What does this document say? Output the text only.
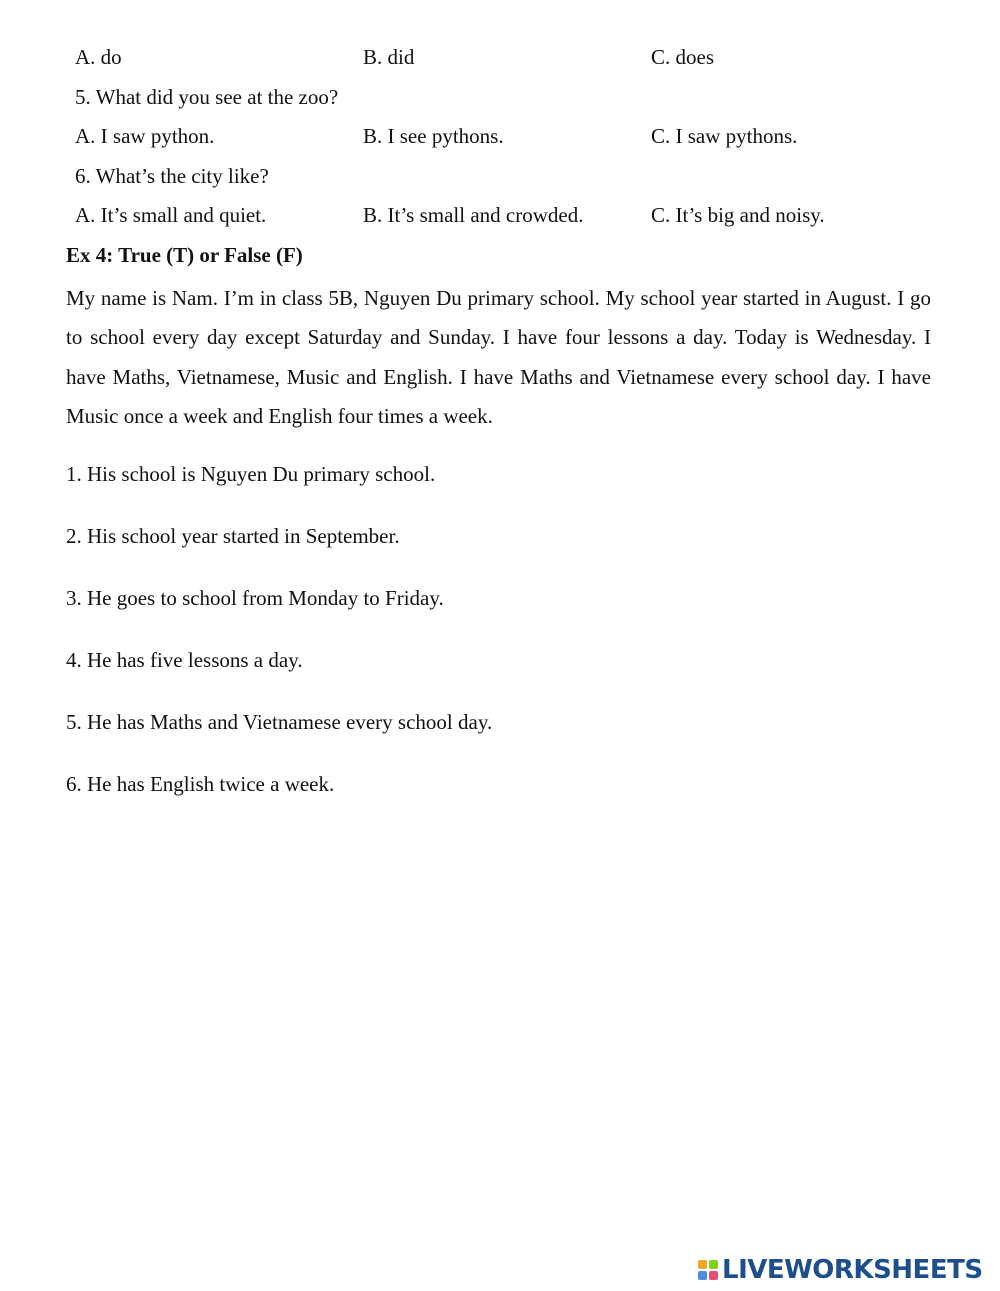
A. do	B. did	C. does
5. What did you see at the zoo?
A. I saw python.	B. I see pythons.	C. I saw pythons.
6. What’s the city like?
A. It’s small and quiet.	B. It’s small and crowded.	C. It’s big and noisy.
Ex 4: True (T) or False (F)
My name is Nam. I’m in class 5B, Nguyen Du primary school. My school year started in August. I go to school every day except Saturday and Sunday. I have four lessons a day. Today is Wednesday. I have Maths, Vietnamese, Music and English. I have Maths and Vietnamese every school day. I have Music once a week and English four times a week.
1. His school is Nguyen Du primary school.
2. His school year started in September.
3. He goes to school from Monday to Friday.
4. He has five lessons a day.
5. He has Maths and Vietnamese every school day.
6. He has English twice a week.
LIVEWORKSHEETS
